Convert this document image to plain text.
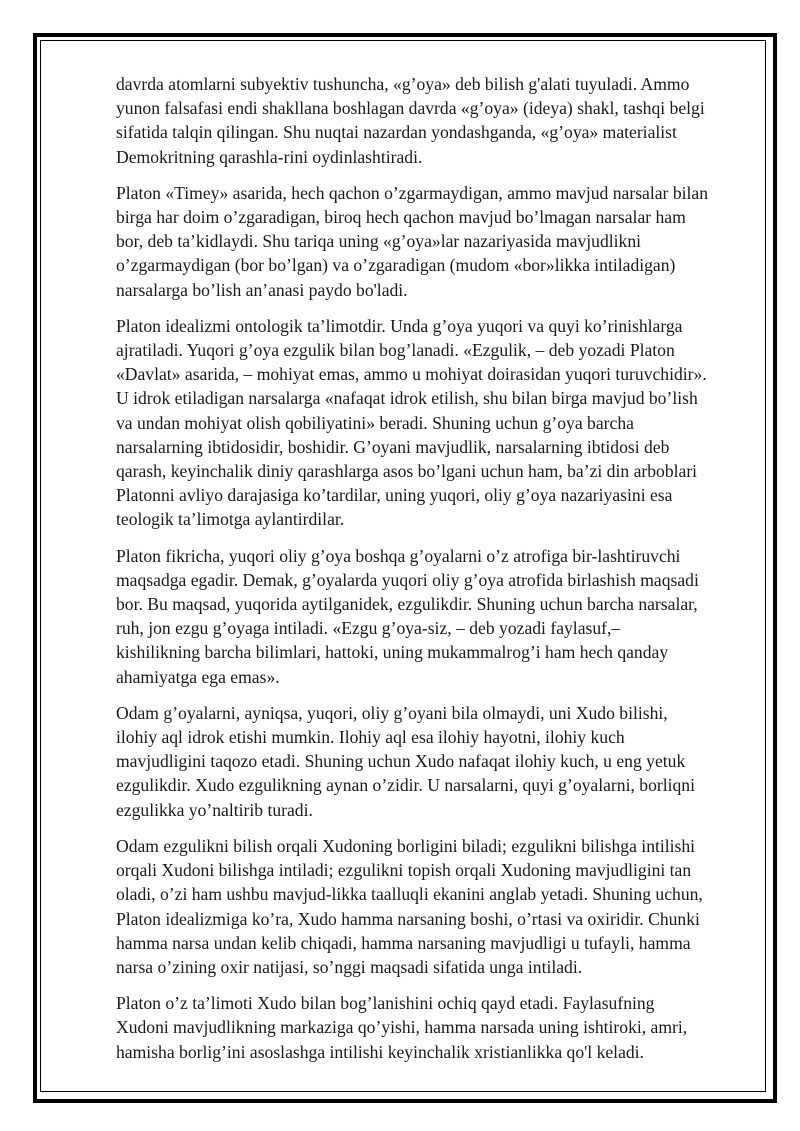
davrda atomlarni subyektiv tushuncha, «g’oya» deb bilish g'alati tuyuladi. Ammo yunon falsafasi endi shakllana boshlagan davrda «g’oya» (ideya) shakl, tashqi belgi sifatida talqin qilingan. Shu nuqtai nazardan yondashganda, «g’oya» materialist Demokritning qarashla-rini oydinlashtiradi.

Platon «Timey» asarida, hech qachon o’zgarmaydigan, ammo mavjud narsalar bilan birga har doim o’zgaradigan, biroq hech qachon mavjud bo’lmagan narsalar ham bor, deb ta’kidlaydi. Shu tariqa uning «g’oya»lar nazariyasida mavjudlikni o’zgarmaydigan (bor bo’lgan) va o’zgaradigan (mudom «bor»likka intiladigan) narsalarga bo’lish an’anasi paydo bo'ladi.

Platon idealizmi ontologik ta’limotdir. Unda g’oya yuqori va quyi ko’rinishlarga ajratiladi. Yuqori g’oya ezgulik bilan bog’lanadi. «Ezgulik, – deb yozadi Platon «Davlat» asarida, – mohiyat emas, ammo u mohiyat doirasidan yuqori turuvchidir». U idrok etiladigan narsalarga «nafaqat idrok etilish, shu bilan birga mavjud bo’lish va undan mohiyat olish qobiliyatini» beradi. Shuning uchun g’oya barcha narsalarning ibtidosidir, boshidir. G’oyani mavjudlik, narsalarning ibtidosi deb qarash, keyinchalik diniy qarashlarga asos bo’lgani uchun ham, ba’zi din arboblari Platonni avliyo darajasiga ko’tardilar, uning yuqori, oliy g’oya nazariyasini esa teologik ta’limotga aylantirdilar.

Platon fikricha, yuqori oliy g’oya boshqa g’oyalarni o’z atrofiga bir-lashtiruvchi maqsadga egadir. Demak, g’oyalarda yuqori oliy g’oya atrofida birlashish maqsadi bor. Bu maqsad, yuqorida aytilganidek, ezgulikdir. Shuning uchun barcha narsalar, ruh, jon ezgu g’oyaga intiladi. «Ezgu g’oya-siz, – deb yozadi faylasuf,– kishilikning barcha bilimlari, hattoki, uning mukammalrog’i ham hech qanday ahamiyatga ega emas».

Odam g’oyalarni, ayniqsa, yuqori, oliy g’oyani bila olmaydi, uni Xudo bilishi, ilohiy aql idrok etishi mumkin. Ilohiy aql esa ilohiy hayotni, ilohiy kuch mavjudligini taqozo etadi. Shuning uchun Xudo nafaqat ilohiy kuch, u eng yetuk ezgulikdir. Xudo ezgulikning aynan o’zidir. U narsalarni, quyi g’oyalarni, borliqni ezgulikka yo’naltirib turadi.

Odam ezgulikni bilish orqali Xudoning borligini biladi; ezgulikni bilishga intilishi orqali Xudoni bilishga intiladi; ezgulikni topish orqali Xudoning mavjudligini tan oladi, o’zi ham ushbu mavjud-likka taalluqli ekanini anglab yetadi. Shuning uchun, Platon idealizmiga ko’ra, Xudo hamma narsaning boshi, o’rtasi va oxiridir. Chunki hamma narsa undan kelib chiqadi, hamma narsaning mavjudligi u tufayli, hamma narsa o’zining oxir natijasi, so’nggi maqsadi sifatida unga intiladi.

Platon o’z ta’limoti Xudo bilan bog’lanishini ochiq qayd etadi. Faylasufning Xudoni mavjudlikning markaziga qo’yishi, hamma narsada uning ishtiroki, amri, hamisha borlig’ini asoslashga intilishi keyinchalik xristianlikka qo'l keladi.
